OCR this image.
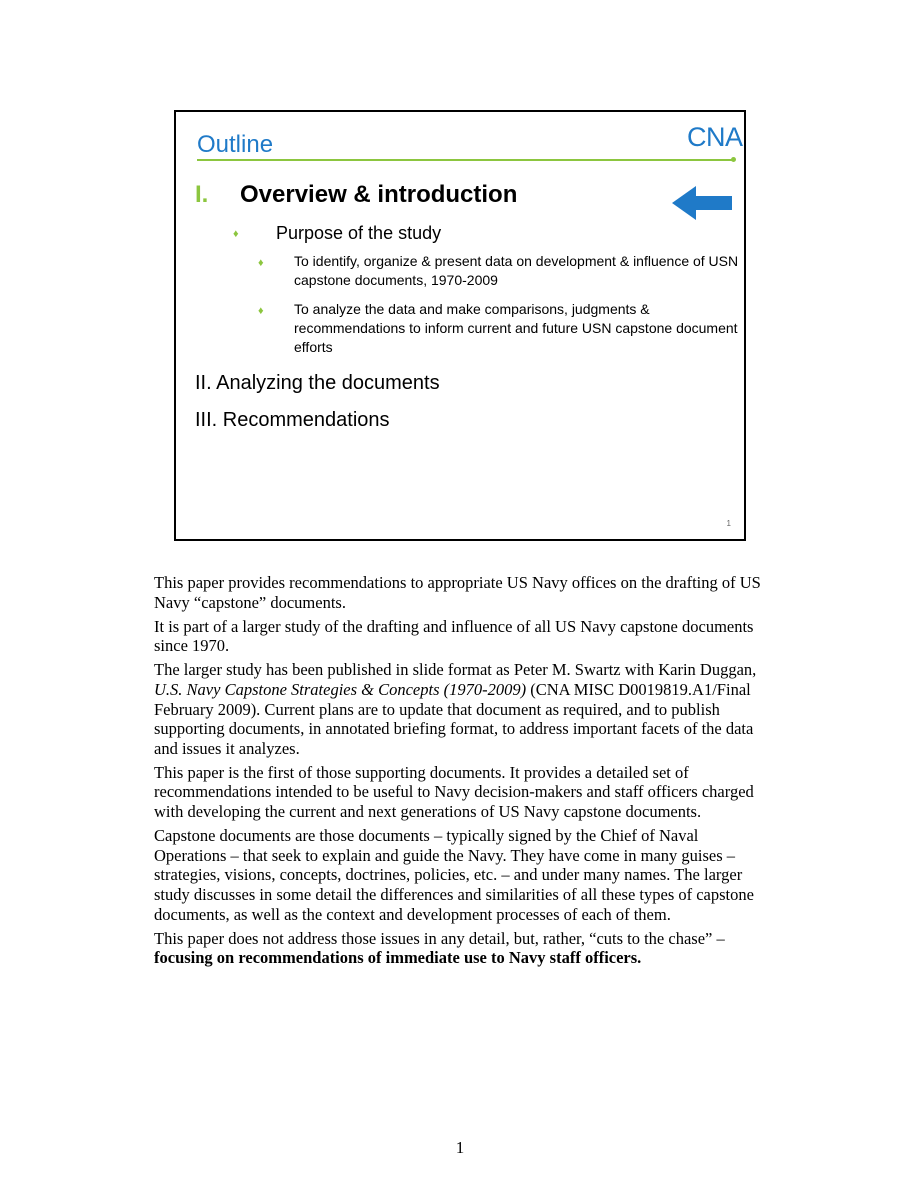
Outline	CNA
I. Overview & introduction
♦ Purpose of the study
♦ To identify, organize & present data on development & influence of USN capstone documents, 1970-2009
♦ To analyze the data and make comparisons, judgments & recommendations to inform current and future USN capstone document efforts
II. Analyzing the documents
III. Recommendations
1

This paper provides recommendations to appropriate US Navy offices on the drafting of US Navy “capstone” documents.

It is part of a larger study of the drafting and influence of all US Navy capstone documents since 1970.

The larger study has been published in slide format as Peter M. Swartz with Karin Duggan, U.S. Navy Capstone Strategies & Concepts (1970-2009) (CNA MISC D0019819.A1/Final February 2009). Current plans are to update that document as required, and to publish supporting documents, in annotated briefing format, to address important facets of the data and issues it analyzes.

This paper is the first of those supporting documents. It provides a detailed set of recommendations intended to be useful to Navy decision-makers and staff officers charged with developing the current and next generations of US Navy capstone documents.

Capstone documents are those documents – typically signed by the Chief of Naval Operations – that seek to explain and guide the Navy. They have come in many guises – strategies, visions, concepts, doctrines, policies, etc. – and under many names. The larger study discusses in some detail the differences and similarities of all these types of capstone documents, as well as the context and development processes of each of them.

This paper does not address those issues in any detail, but, rather, “cuts to the chase” – focusing on recommendations of immediate use to Navy staff officers.

1
